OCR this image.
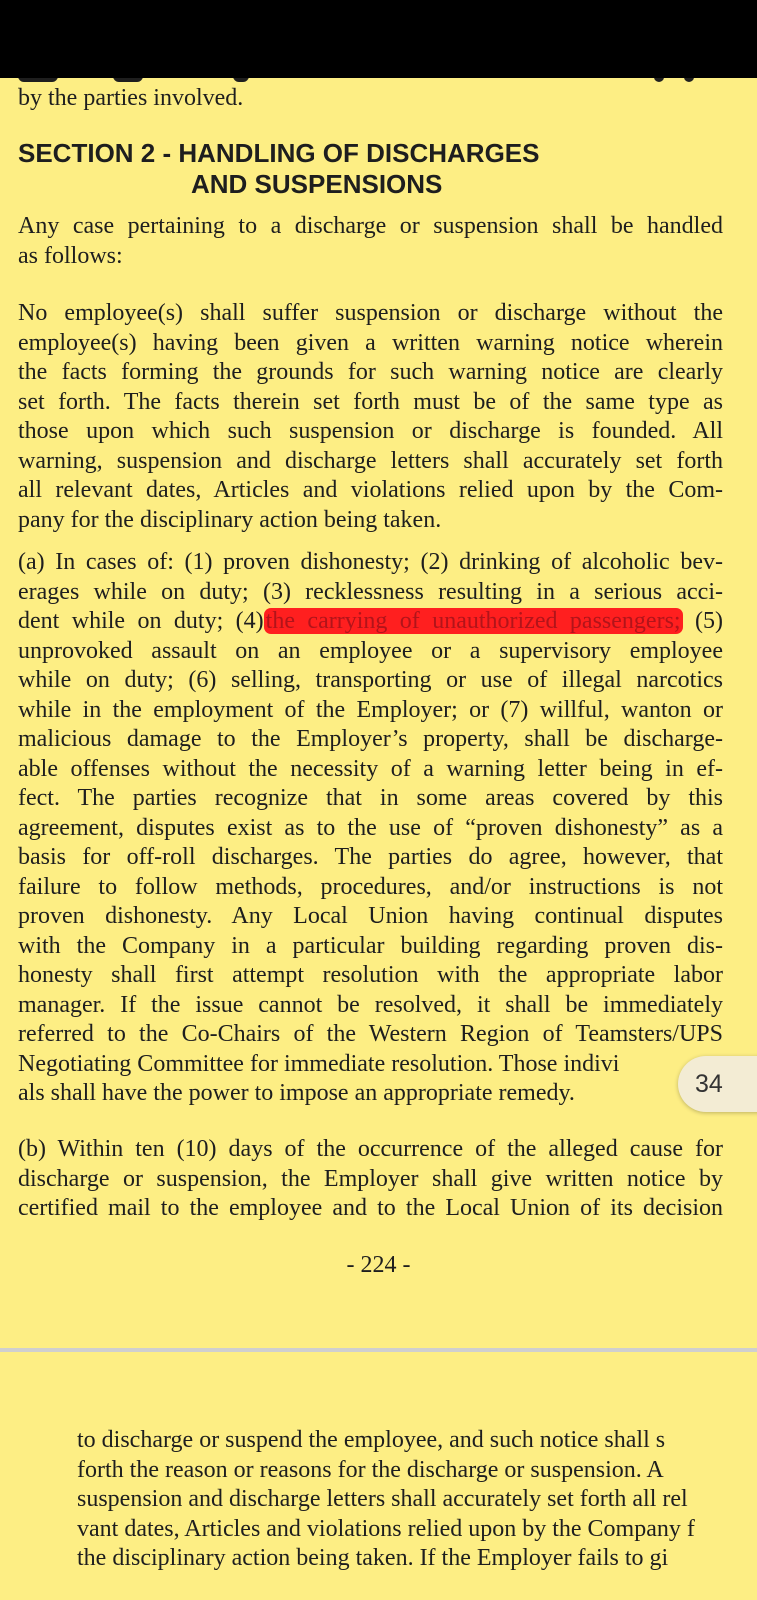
by the parties involved.

SECTION 2 - HANDLING OF DISCHARGES
AND SUSPENSIONS

Any case pertaining to a discharge or suspension shall be handled
as follows:

No employee(s) shall suffer suspension or discharge without the
employee(s) having been given a written warning notice wherein
the facts forming the grounds for such warning notice are clearly
set forth. The facts therein set forth must be of the same type as
those upon which such suspension or discharge is founded. All
warning, suspension and discharge letters shall accurately set forth
all relevant dates, Articles and violations relied upon by the Com-
pany for the disciplinary action being taken.

(a) In cases of: (1) proven dishonesty; (2) drinking of alcoholic bev-
erages while on duty; (3) recklessness resulting in a serious acci-
dent while on duty; (4)the carrying of unauthorized passengers; (5)
unprovoked assault on an employee or a supervisory employee
while on duty; (6) selling, transporting or use of illegal narcotics
while in the employment of the Employer; or (7) willful, wanton or
malicious damage to the Employer’s property, shall be discharge-
able offenses without the necessity of a warning letter being in ef-
fect. The parties recognize that in some areas covered by this
agreement, disputes exist as to the use of “proven dishonesty” as a
basis for off-roll discharges. The parties do agree, however, that
failure to follow methods, procedures, and/or instructions is not
proven dishonesty. Any Local Union having continual disputes
with the Company in a particular building regarding proven dis-
honesty shall first attempt resolution with the appropriate labor
manager. If the issue cannot be resolved, it shall be immediately
referred to the Co-Chairs of the Western Region of Teamsters/UPS
Negotiating Committee for immediate resolution. Those indivi
als shall have the power to impose an appropriate remedy.

(b) Within ten (10) days of the occurrence of the alleged cause for
discharge or suspension, the Employer shall give written notice by
certified mail to the employee and to the Local Union of its decision

- 224 -
34

to discharge or suspend the employee, and such notice shall s
forth the reason or reasons for the discharge or suspension. A
suspension and discharge letters shall accurately set forth all rel
vant dates, Articles and violations relied upon by the Company f
the disciplinary action being taken. If the Employer fails to gi
